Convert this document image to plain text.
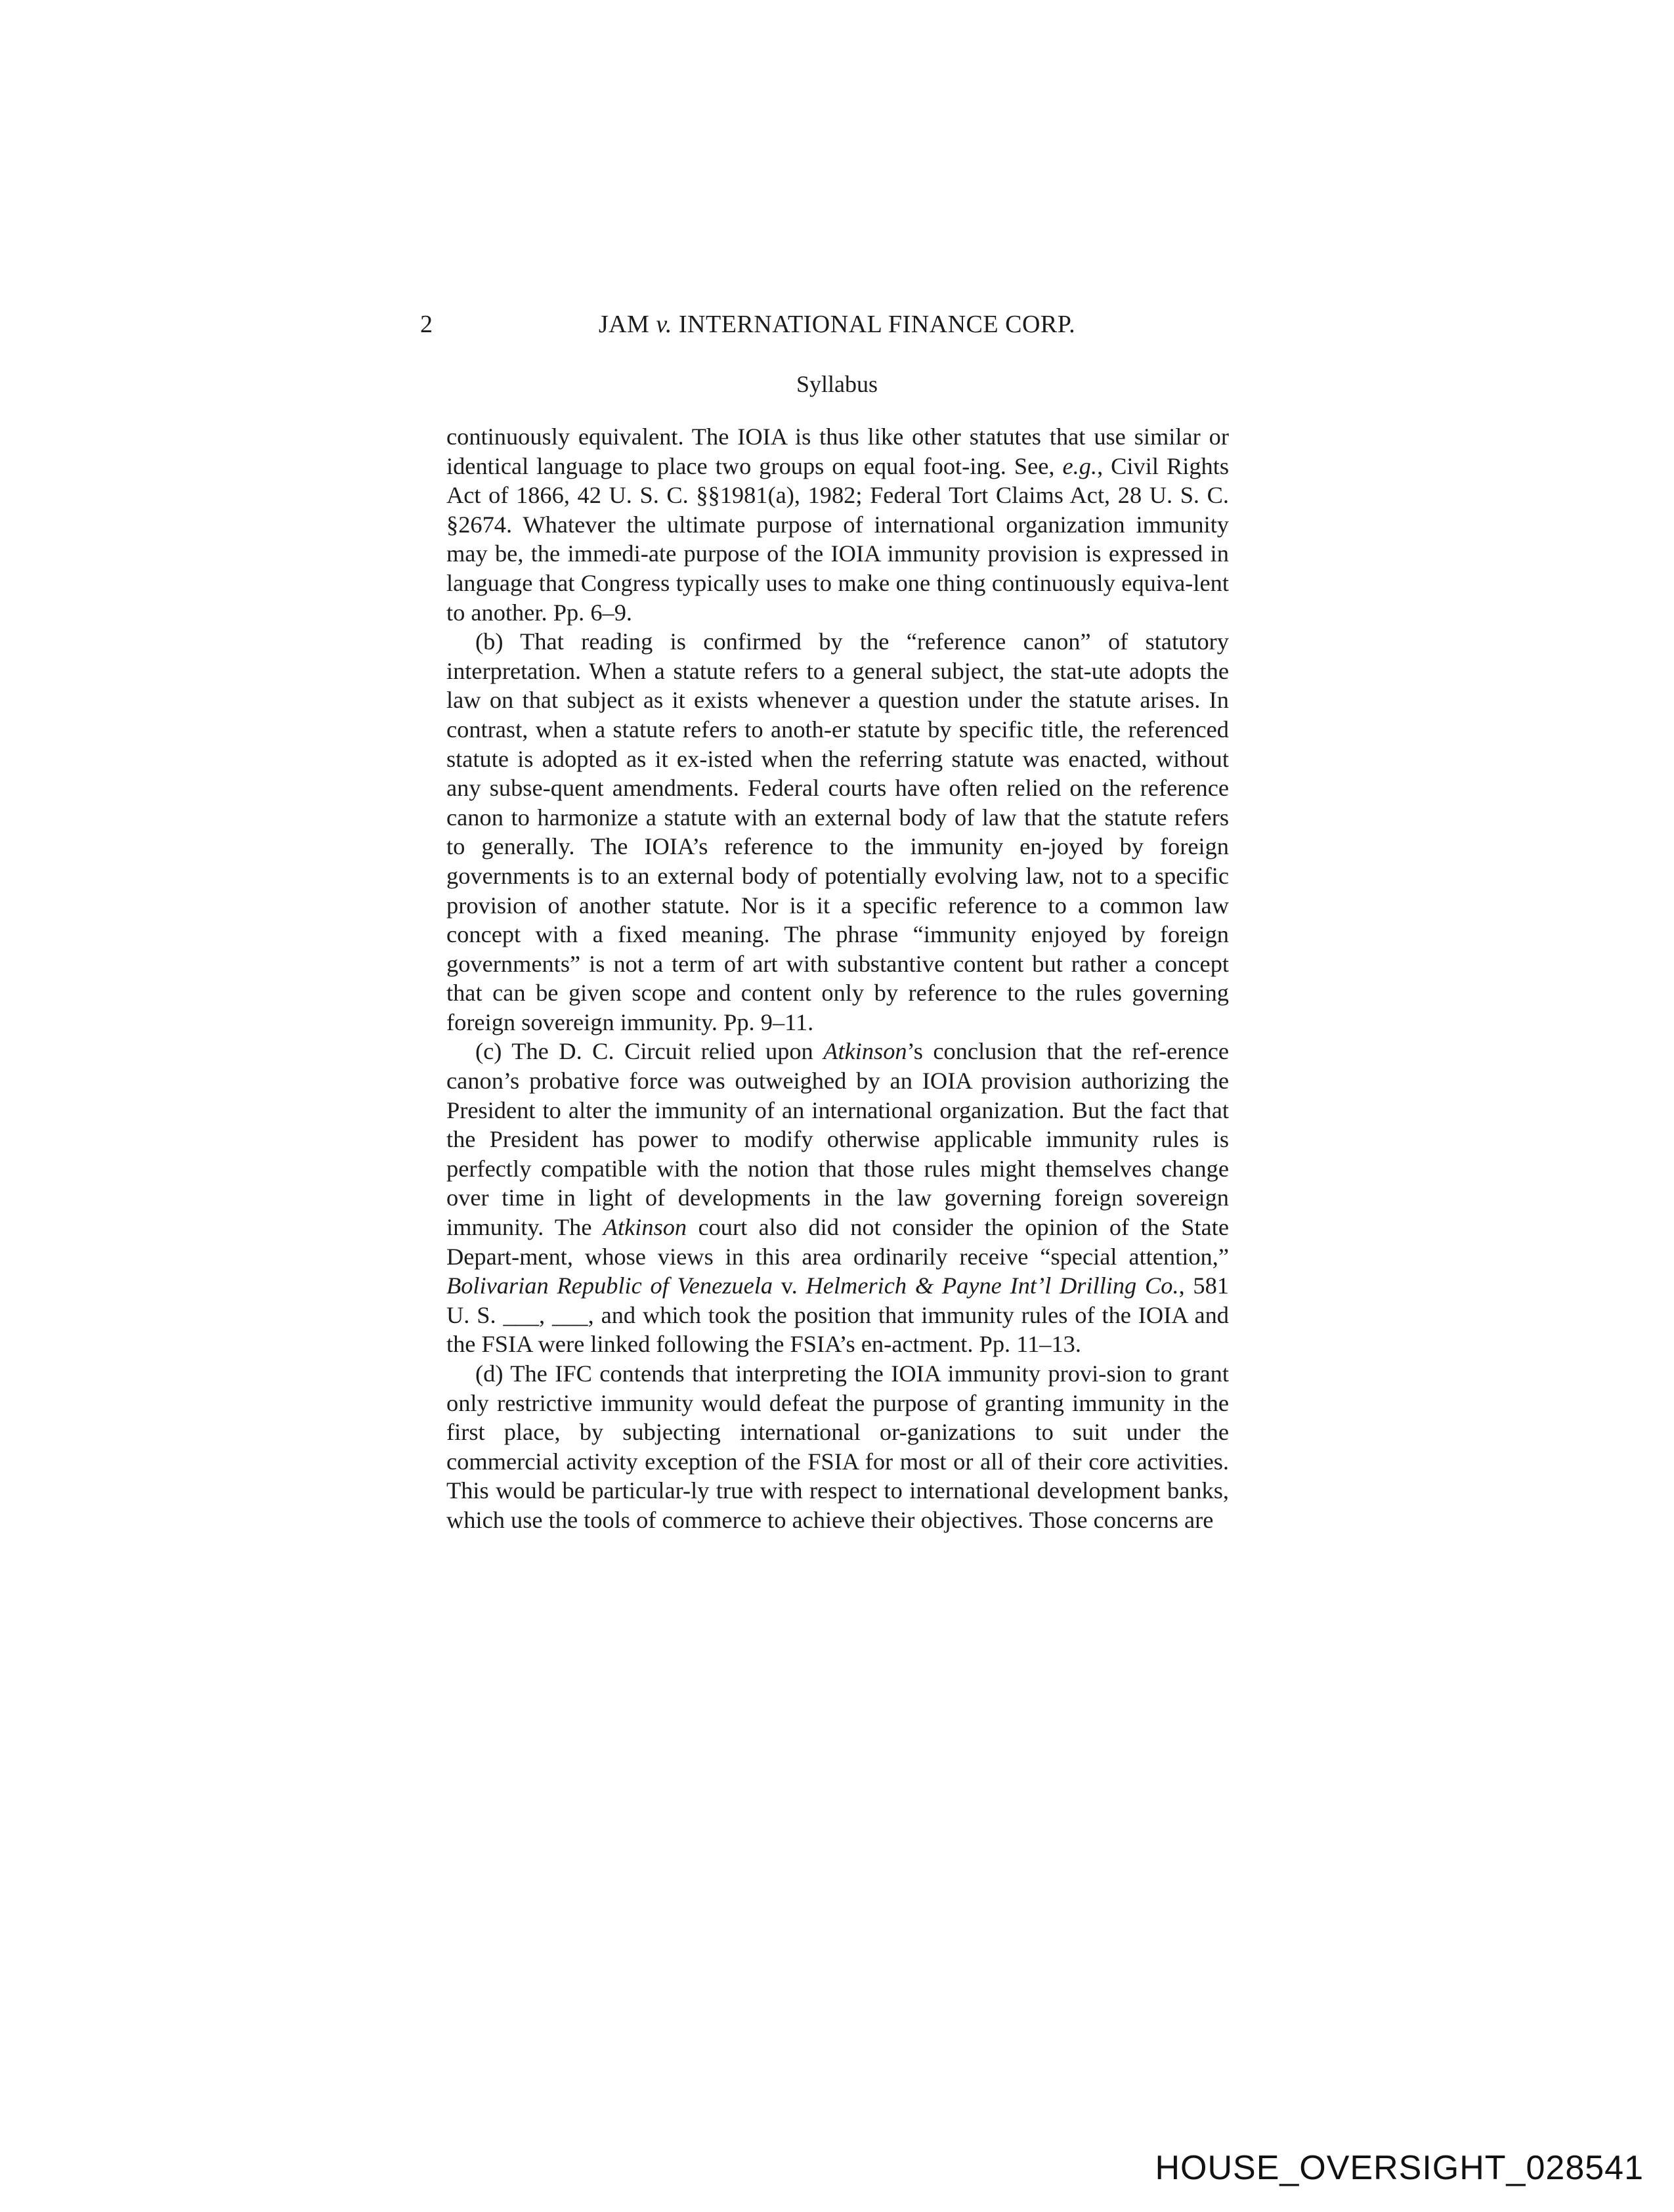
2	JAM v. INTERNATIONAL FINANCE CORP.
Syllabus

continuously equivalent. The IOIA is thus like other statutes that use similar or identical language to place two groups on equal foot-ing. See, e.g., Civil Rights Act of 1866, 42 U. S. C. §§1981(a), 1982; Federal Tort Claims Act, 28 U. S. C. §2674. Whatever the ultimate purpose of international organization immunity may be, the immedi-ate purpose of the IOIA immunity provision is expressed in language that Congress typically uses to make one thing continuously equiva-lent to another. Pp. 6–9.

(b) That reading is confirmed by the “reference canon” of statutory interpretation. When a statute refers to a general subject, the stat-ute adopts the law on that subject as it exists whenever a question under the statute arises. In contrast, when a statute refers to anoth-er statute by specific title, the referenced statute is adopted as it ex-isted when the referring statute was enacted, without any subse-quent amendments. Federal courts have often relied on the reference canon to harmonize a statute with an external body of law that the statute refers to generally. The IOIA’s reference to the immunity en-joyed by foreign governments is to an external body of potentially evolving law, not to a specific provision of another statute. Nor is it a specific reference to a common law concept with a fixed meaning. The phrase “immunity enjoyed by foreign governments” is not a term of art with substantive content but rather a concept that can be given scope and content only by reference to the rules governing foreign sovereign immunity. Pp. 9–11.

(c) The D. C. Circuit relied upon Atkinson’s conclusion that the ref-erence canon’s probative force was outweighed by an IOIA provision authorizing the President to alter the immunity of an international organization. But the fact that the President has power to modify otherwise applicable immunity rules is perfectly compatible with the notion that those rules might themselves change over time in light of developments in the law governing foreign sovereign immunity. The Atkinson court also did not consider the opinion of the State Depart-ment, whose views in this area ordinarily receive “special attention,” Bolivarian Republic of Venezuela v. Helmerich & Payne Int’l Drilling Co., 581 U. S. ___, ___, and which took the position that immunity rules of the IOIA and the FSIA were linked following the FSIA’s en-actment. Pp. 11–13.

(d) The IFC contends that interpreting the IOIA immunity provi-sion to grant only restrictive immunity would defeat the purpose of granting immunity in the first place, by subjecting international or-ganizations to suit under the commercial activity exception of the FSIA for most or all of their core activities. This would be particular-ly true with respect to international development banks, which use the tools of commerce to achieve their objectives. Those concerns are

HOUSE_OVERSIGHT_028541
